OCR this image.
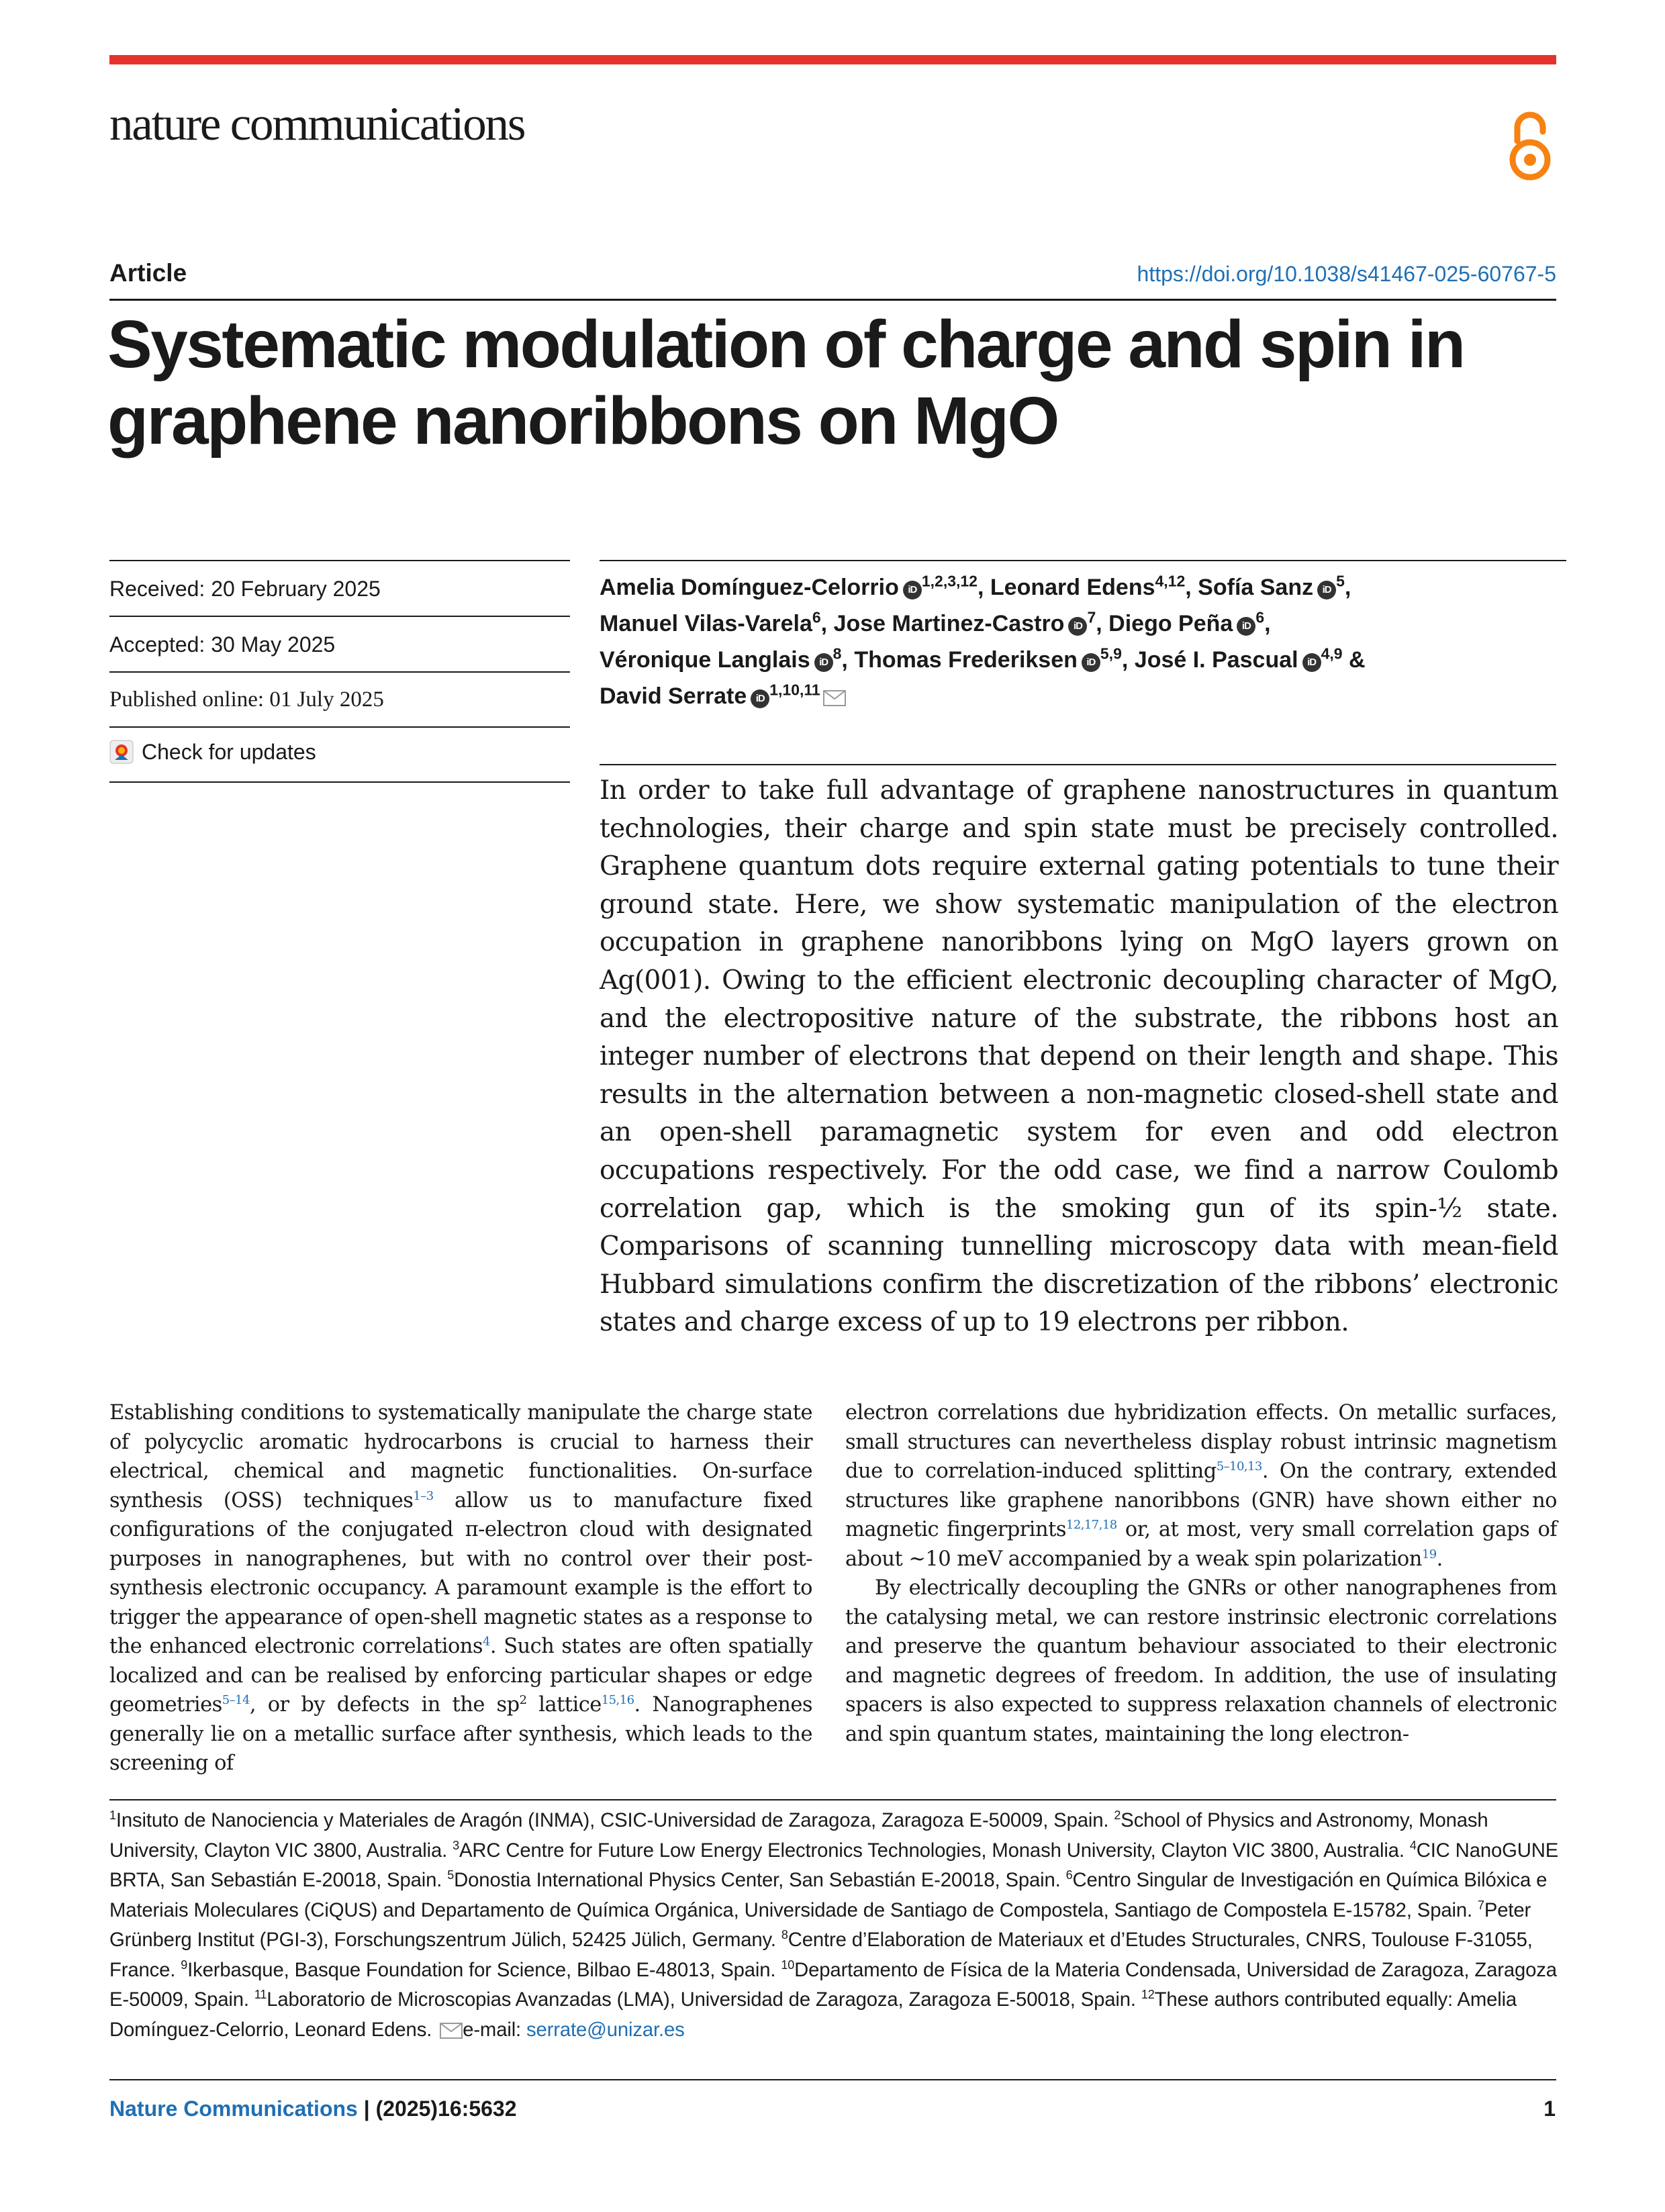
nature communications
Article	https://doi.org/10.1038/s41467-025-60767-5
Systematic modulation of charge and spin in graphene nanoribbons on MgO
Received: 20 February 2025
Accepted: 30 May 2025
Published online: 01 July 2025
Check for updates
Amelia Domínguez-Celorrio iD $^{1,2,3,12}$, Leonard Edens$^{4,12}$, Sofía Sanz iD $^5$,
Manuel Vilas-Varela$^6$, Jose Martinez-Castro iD $^7$, Diego Peña iD $^6$,
Véronique Langlais iD $^8$, Thomas Frederiksen iD $^{5,9}$, José I. Pascual iD $^{4,9}$ &
David Serrate iD $^{1,10,11}$

In order to take full advantage of graphene nanostructures in quantum technologies, their charge and spin state must be precisely controlled. Graphene quantum dots require external gating potentials to tune their ground state. Here, we show systematic manipulation of the electron occupation in graphene nanoribbons lying on MgO layers grown on Ag(001). Owing to the efficient electronic decoupling character of MgO, and the electropositive nature of the substrate, the ribbons host an integer number of electrons that depend on their length and shape. This results in the alternation between a non-magnetic closed-shell state and an open-shell paramagnetic system for even and odd electron occupations respectively. For the odd case, we find a narrow Coulomb correlation gap, which is the smoking gun of its spin-½ state. Comparisons of scanning tunnelling microscopy data with mean-field Hubbard simulations confirm the discretization of the ribbons’ electronic states and charge excess of up to 19 electrons per ribbon.

Establishing conditions to systematically manipulate the charge state of polycyclic aromatic hydrocarbons is crucial to harness their electrical, chemical and magnetic functionalities. On-surface synthesis (OSS) techniques$^{1-3}$ allow us to manufacture fixed configurations of the conjugated π-electron cloud with designated purposes in nanographenes, but with no control over their post-synthesis electronic occupancy. A paramount example is the effort to trigger the appearance of open-shell magnetic states as a response to the enhanced electronic correlations$^4$. Such states are often spatially localized and can be realised by enforcing particular shapes or edge geometries$^{5-14}$, or by defects in the $sp^2$ lattice$^{15,16}$. Nanographenes generally lie on a metallic surface after synthesis, which leads to the screening of

electron correlations due hybridization effects. On metallic surfaces, small structures can nevertheless display robust intrinsic magnetism due to correlation-induced splitting$^{5-10,13}$. On the contrary, extended structures like graphene nanoribbons (GNR) have shown either no magnetic fingerprints$^{12,17,18}$ or, at most, very small correlation gaps of about ~10 meV accompanied by a weak spin polarization$^{19}$.
By electrically decoupling the GNRs or other nanographenes from the catalysing metal, we can restore instrinsic electronic correlations and preserve the quantum behaviour associated to their electronic and magnetic degrees of freedom. In addition, the use of insulating spacers is also expected to suppress relaxation channels of electronic and spin quantum states, maintaining the long electron-

$^1$Insituto de Nanociencia y Materiales de Aragón (INMA), CSIC-Universidad de Zaragoza, Zaragoza E-50009, Spain. $^2$School of Physics and Astronomy, Monash University, Clayton VIC 3800, Australia. $^3$ARC Centre for Future Low Energy Electronics Technologies, Monash University, Clayton VIC 3800, Australia. $^4$CIC NanoGUNE BRTA, San Sebastián E-20018, Spain. $^5$Donostia International Physics Center, San Sebastián E-20018, Spain. $^6$Centro Singular de Investigación en Química Bilóxica e Materiais Moleculares (CiQUS) and Departamento de Química Orgánica, Universidade de Santiago de Compostela, Santiago de Compostela E-15782, Spain. $^7$Peter Grünberg Institut (PGI-3), Forschungszentrum Jülich, 52425 Jülich, Germany. $^8$Centre d’Elaboration de Materiaux et d’Etudes Structurales, CNRS, Toulouse F-31055, France. $^9$Ikerbasque, Basque Foundation for Science, Bilbao E-48013, Spain. $^{10}$Departamento de Física de la Materia Condensada, Universidad de Zaragoza, Zaragoza E-50009, Spain. $^{11}$Laboratorio de Microscopias Avanzadas (LMA), Universidad de Zaragoza, Zaragoza E-50018, Spain. $^{12}$These authors contributed equally: Amelia Domínguez-Celorrio, Leonard Edens. e-mail: serrate@unizar.es

Nature Communications | (2025)16:5632	1
